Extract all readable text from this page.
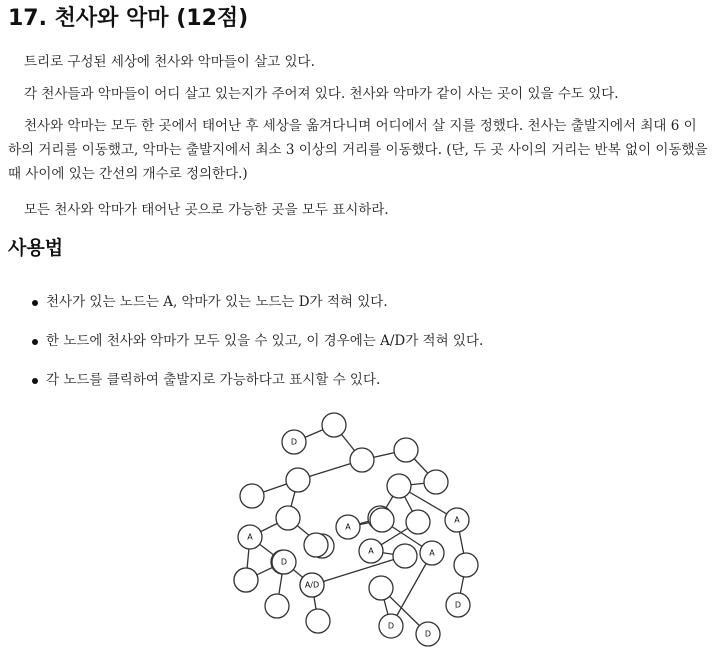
17. 천사와 악마 (12점)

트리로 구성된 세상에 천사와 악마들이 살고 있다.

각 천사들과 악마들이 어디 살고 있는지가 주어져 있다. 천사와 악마가 같이 사는 곳이 있을 수도 있다.

천사와 악마는 모두 한 곳에서 태어난 후 세상을 옮겨다니며 어디에서 살 지를 정했다. 천사는 출발지에서 최대 6 이하의 거리를 이동했고, 악마는 출발지에서 최소 3 이상의 거리를 이동했다. (단, 두 곳 사이의 거리는 반복 없이 이동했을 때 사이에 있는 간선의 개수로 정의한다.)

모든 천사와 악마가 태어난 곳으로 가능한 곳을 모두 표시하라.

사용법
천사가 있는 노드는 A, 악마가 있는 노드는 D가 적혀 있다.
한 노드에 천사와 악마가 모두 있을 수 있고, 이 경우에는 A/D가 적혀 있다.
각 노드를 클릭하여 출발지로 가능하다고 표시할 수 있다.
D
A
A
A
D
A
A/D
A
D
D
D
